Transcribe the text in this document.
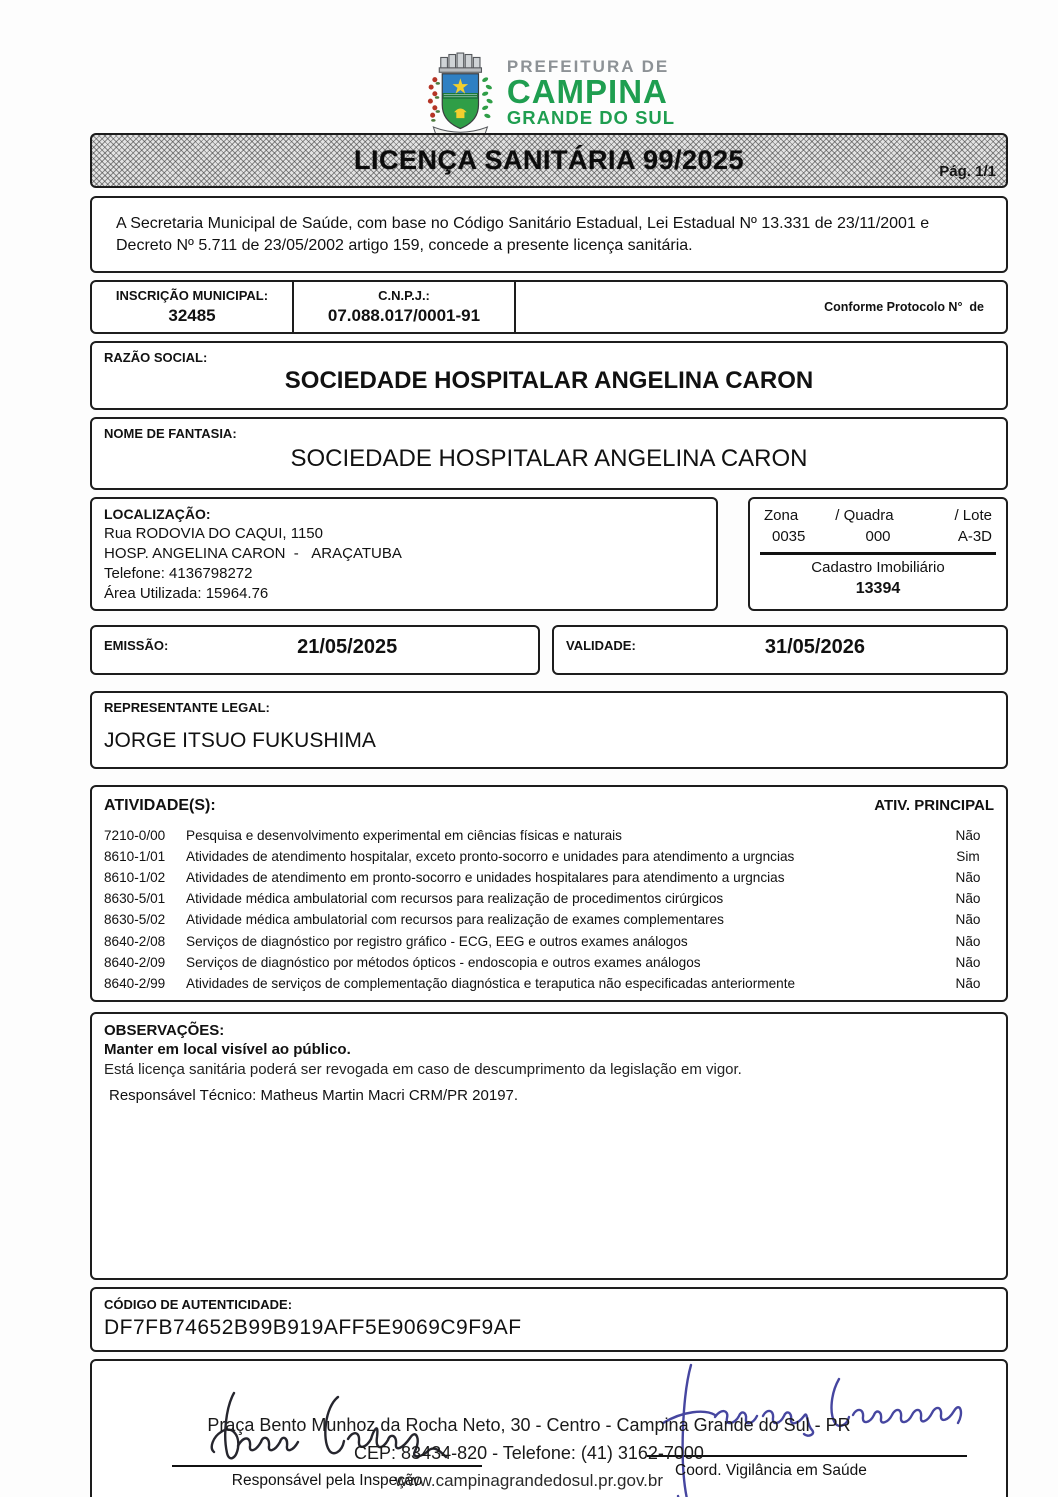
PREFEITURA DE
CAMPINA
GRANDE DO SUL
LICENÇA SANITÁRIA 99/2025	Pág. 1/1

A Secretaria Municipal de Saúde, com base no Código Sanitário Estadual, Lei Estadual Nº 13.331 de 23/11/2001 e Decreto Nº 5.711 de 23/05/2002 artigo 159, concede a presente licença sanitária.

INSCRIÇÃO MUNICIPAL:
32485
C.N.P.J.:
07.088.017/0001-91	Conforme Protocolo N°  de
RAZÃO SOCIAL:
SOCIEDADE HOSPITALAR ANGELINA CARON
NOME DE FANTASIA:
SOCIEDADE HOSPITALAR ANGELINA CARON
LOCALIZAÇÃO:
Rua RODOVIA DO CAQUI, 1150
HOSP. ANGELINA CARON  -   ARAÇATUBA
Telefone: 4136798272
Área Utilizada: 15964.76
Zona	/ Quadra	/ Lote
0035	000	A-3D
Cadastro Imobiliário
13394
EMISSÃO:	21/05/2025	VALIDADE:	31/05/2026
REPRESENTANTE LEGAL:
JORGE ITSUO FUKUSHIMA
ATIVIDADE(S):	ATIV. PRINCIPAL
7210-0/00	Pesquisa e desenvolvimento experimental em ciências físicas e naturais	Não
8610-1/01	Atividades de atendimento hospitalar, exceto pronto-socorro e unidades para atendimento a urgncias	Sim
8610-1/02	Atividades de atendimento em pronto-socorro e unidades hospitalares para atendimento a urgncias	Não
8630-5/01	Atividade médica ambulatorial com recursos para realização de procedimentos cirúrgicos	Não
8630-5/02	Atividade médica ambulatorial com recursos para realização de exames complementares	Não
8640-2/08	Serviços de diagnóstico por registro gráfico - ECG, EEG e outros exames análogos	Não
8640-2/09	Serviços de diagnóstico por métodos ópticos - endoscopia e outros exames análogos	Não
8640-2/99	Atividades de serviços de complementação diagnóstica e teraputica não especificadas anteriormente	Não
OBSERVAÇÕES:
Manter em local visível ao público.
Está licença sanitária poderá ser revogada em caso de descumprimento da legislação em vigor.
Responsável Técnico: Matheus Martin Macri CRM/PR 20197.
CÓDIGO DE AUTENTICIDADE:
DF7FB74652B99B919AFF5E9069C9F9AF
Responsável pela Inspeção
Coord. Vigilância em Saúde
Praça Bento Munhoz da Rocha Neto, 30 - Centro - Campina Grande do Sul - PR
CEP: 83434-820 - Telefone: (41) 3162-7000
www.campinagrandedosul.pr.gov.br
